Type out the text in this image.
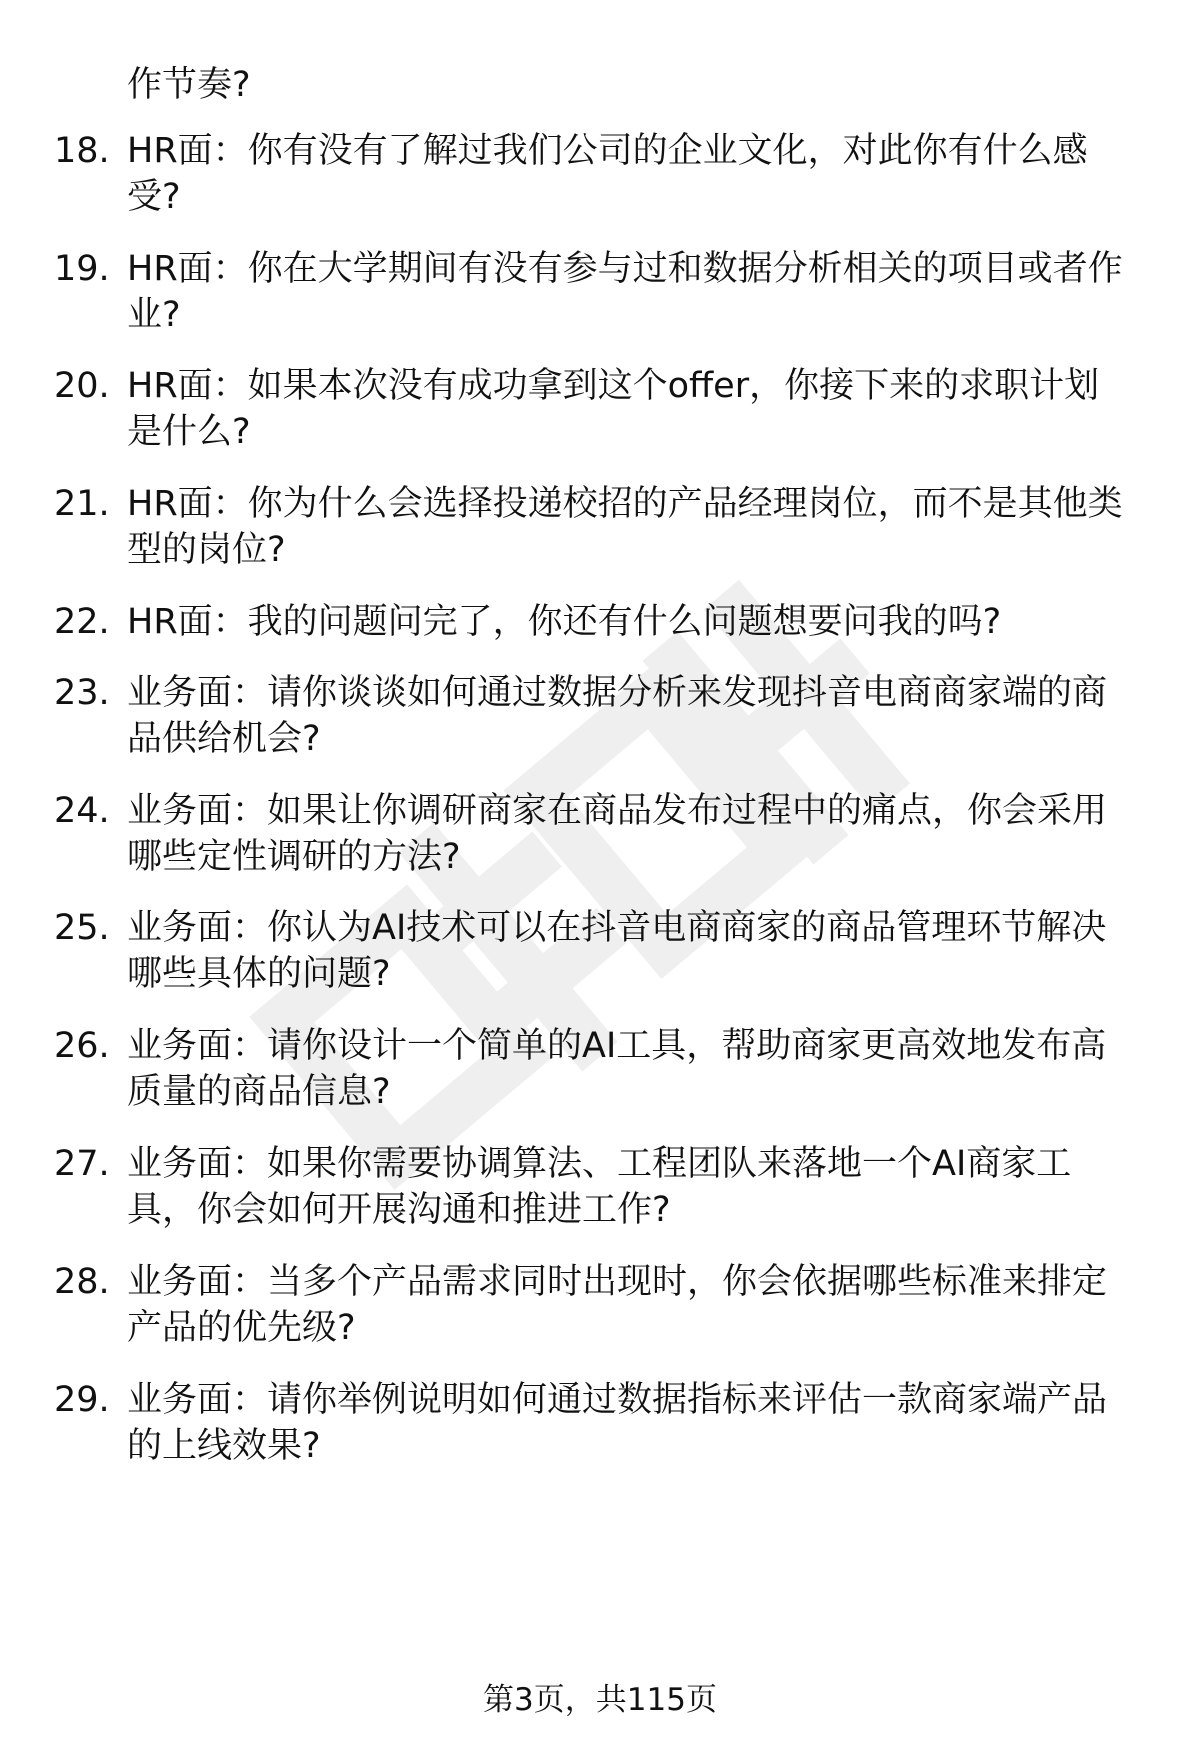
作节奏?
18. HR面：你有没有了解过我们公司的企业文化，对此你有什么感
受?
19. HR面：你在大学期间有没有参与过和数据分析相关的项目或者作
业?
20. HR面：如果本次没有成功拿到这个offer，你接下来的求职计划
是什么?
21. HR面：你为什么会选择投递校招的产品经理岗位，而不是其他类
型的岗位?
22. HR面：我的问题问完了，你还有什么问题想要问我的吗?
23. 业务面：请你谈谈如何通过数据分析来发现抖音电商商家端的商
品供给机会?
24. 业务面：如果让你调研商家在商品发布过程中的痛点，你会采用
哪些定性调研的方法?
25. 业务面：你认为AI技术可以在抖音电商商家的商品管理环节解决
哪些具体的问题?
26. 业务面：请你设计一个简单的AI工具，帮助商家更高效地发布高
质量的商品信息?
27. 业务面：如果你需要协调算法、工程团队来落地一个AI商家工
具，你会如何开展沟通和推进工作?
28. 业务面：当多个产品需求同时出现时，你会依据哪些标准来排定
产品的优先级?
29. 业务面：请你举例说明如何通过数据指标来评估一款商家端产品
的上线效果?
第3页，共115页
